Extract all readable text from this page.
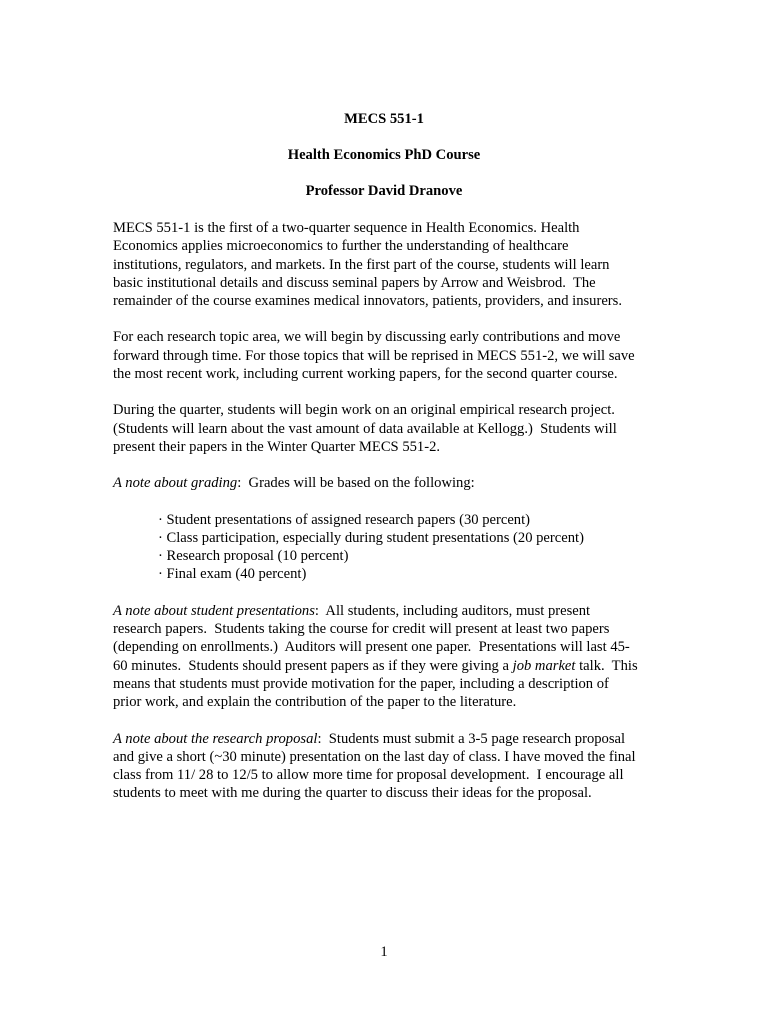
MECS 551-1
Health Economics PhD Course
Professor David Dranove

MECS 551-1 is the first of a two-quarter sequence in Health Economics. Health
Economics applies microeconomics to further the understanding of healthcare
institutions, regulators, and markets. In the first part of the course, students will learn
basic institutional details and discuss seminal papers by Arrow and Weisbrod.  The
remainder of the course examines medical innovators, patients, providers, and insurers.

For each research topic area, we will begin by discussing early contributions and move
forward through time. For those topics that will be reprised in MECS 551-2, we will save
the most recent work, including current working papers, for the second quarter course.

During the quarter, students will begin work on an original empirical research project.
(Students will learn about the vast amount of data available at Kellogg.)  Students will
present their papers in the Winter Quarter MECS 551-2.

A note about grading:  Grades will be based on the following:

· Student presentations of assigned research papers (30 percent)
· Class participation, especially during student presentations (20 percent)
· Research proposal (10 percent)
· Final exam (40 percent)

A note about student presentations:  All students, including auditors, must present
research papers.  Students taking the course for credit will present at least two papers
(depending on enrollments.)  Auditors will present one paper.  Presentations will last 45-
60 minutes.  Students should present papers as if they were giving a job market talk.  This
means that students must provide motivation for the paper, including a description of
prior work, and explain the contribution of the paper to the literature.

A note about the research proposal:  Students must submit a 3-5 page research proposal
and give a short (~30 minute) presentation on the last day of class. I have moved the final
class from 11/ 28 to 12/5 to allow more time for proposal development.  I encourage all
students to meet with me during the quarter to discuss their ideas for the proposal.

1
